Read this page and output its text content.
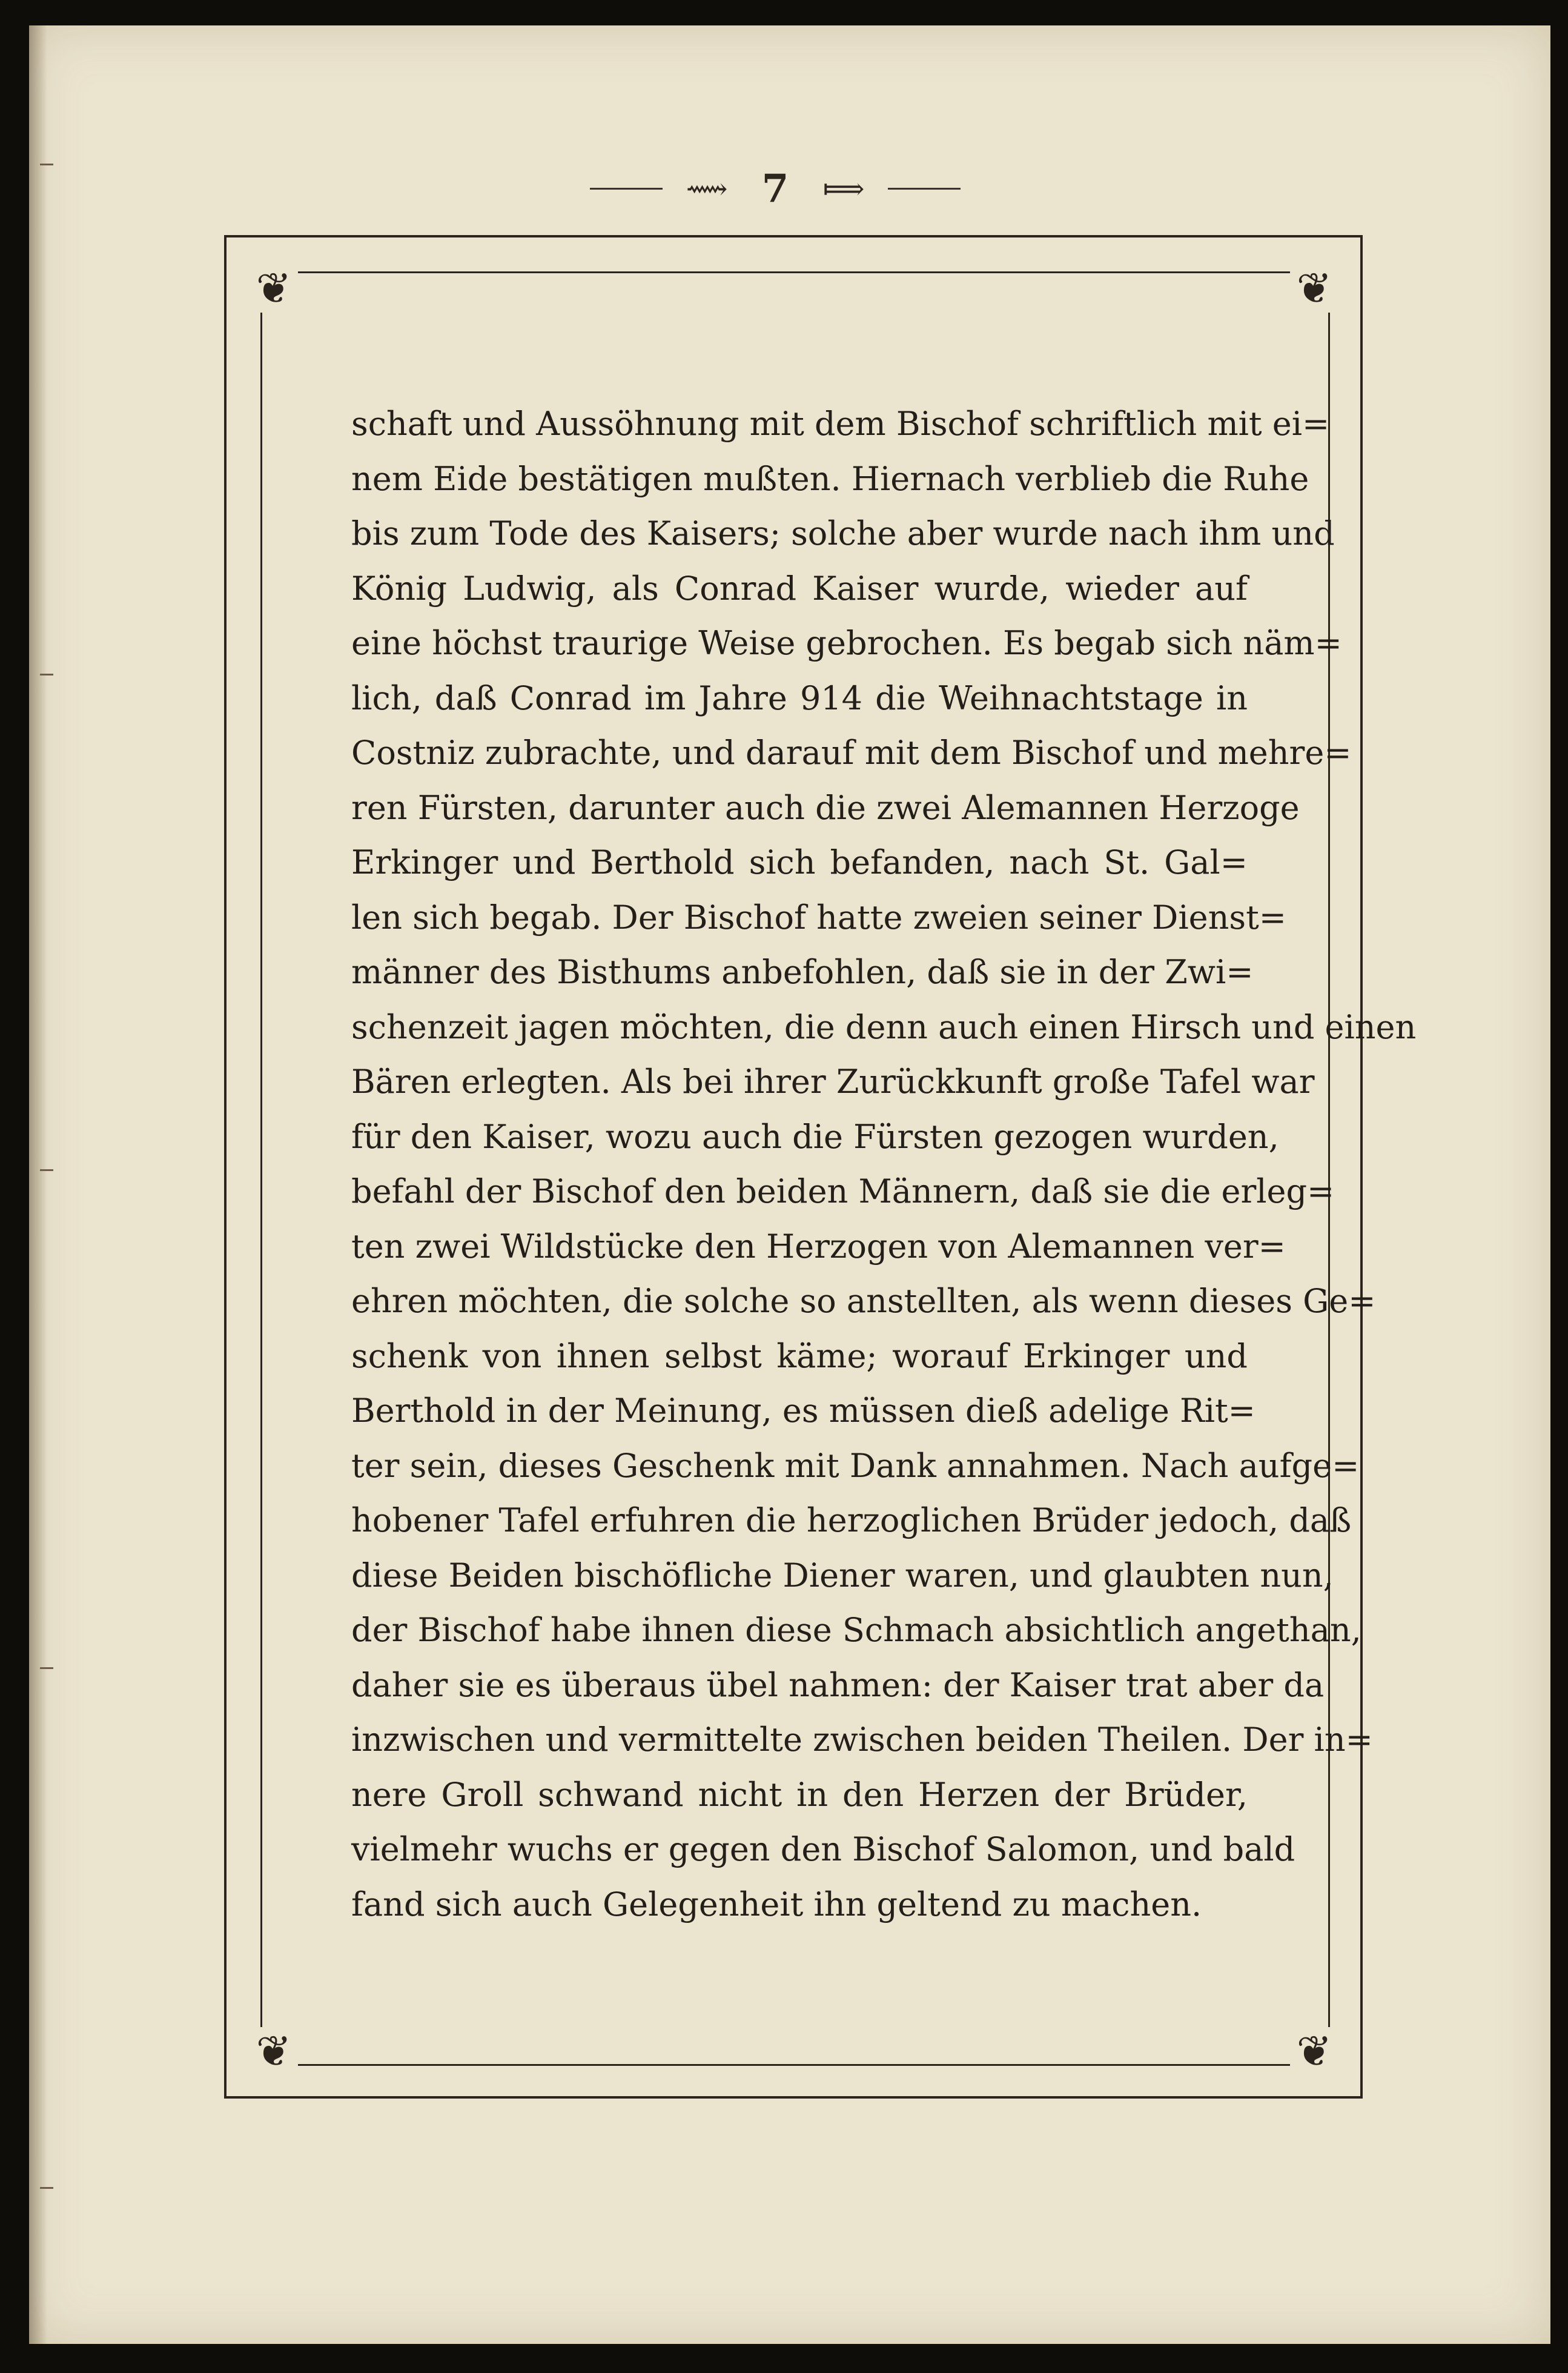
⟿ 7 ⟾
❦	❦
❦	❦
schaft und Aussöhnung mit dem Bischof schriftlich mit ei=
nem Eide bestätigen mußten. Hiernach verblieb die Ruhe
bis zum Tode des Kaisers; solche aber wurde nach ihm und
König Ludwig, als Conrad Kaiser wurde, wieder auf
eine höchst traurige Weise gebrochen. Es begab sich näm=
lich, daß Conrad im Jahre 914 die Weihnachtstage in
Costniz zubrachte, und darauf mit dem Bischof und mehre=
ren Fürsten, darunter auch die zwei Alemannen Herzoge
Erkinger und Berthold sich befanden, nach St. Gal=
len sich begab. Der Bischof hatte zweien seiner Dienst=
männer des Bisthums anbefohlen, daß sie in der Zwi=
schenzeit jagen möchten, die denn auch einen Hirsch und einen
Bären erlegten. Als bei ihrer Zurückkunft große Tafel war
für den Kaiser, wozu auch die Fürsten gezogen wurden,
befahl der Bischof den beiden Männern, daß sie die erleg=
ten zwei Wildstücke den Herzogen von Alemannen ver=
ehren möchten, die solche so anstellten, als wenn dieses Ge=
schenk von ihnen selbst käme; worauf Erkinger und
Berthold in der Meinung, es müssen dieß adelige Rit=
ter sein, dieses Geschenk mit Dank annahmen. Nach aufge=
hobener Tafel erfuhren die herzoglichen Brüder jedoch, daß
diese Beiden bischöfliche Diener waren, und glaubten nun,
der Bischof habe ihnen diese Schmach absichtlich angethan,
daher sie es überaus übel nahmen: der Kaiser trat aber da
inzwischen und vermittelte zwischen beiden Theilen. Der in=
nere Groll schwand nicht in den Herzen der Brüder,
vielmehr wuchs er gegen den Bischof Salomon, und bald
fand sich auch Gelegenheit ihn geltend zu machen.
